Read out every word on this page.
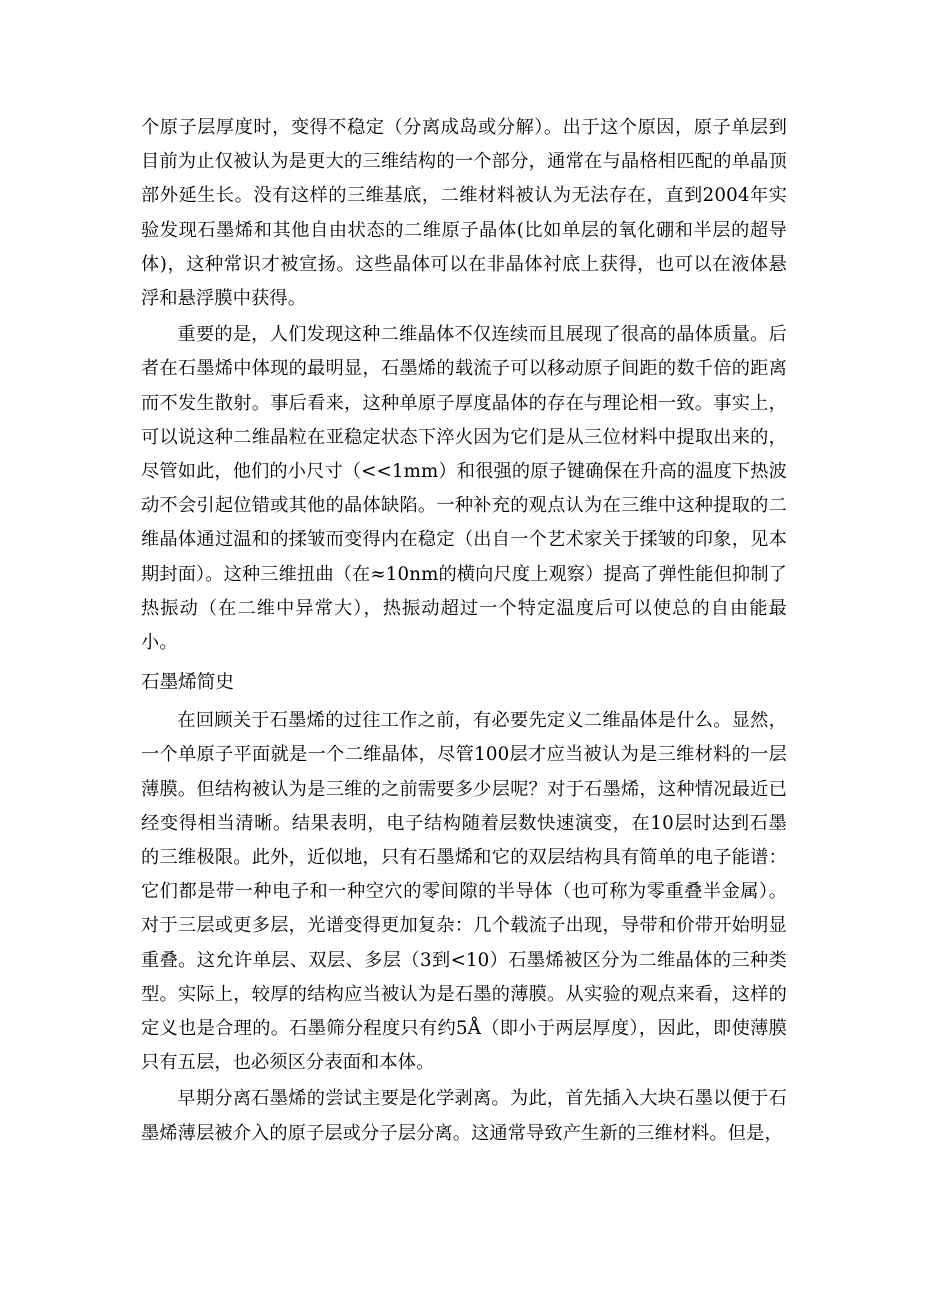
个原子层厚度时，变得不稳定（分离成岛或分解）。出于这个原因，原子单层到目前为止仅被认为是更大的三维结构的一个部分，通常在与晶格相匹配的单晶顶部外延生长。没有这样的三维基底，二维材料被认为无法存在，直到2004年实验发现石墨烯和其他自由状态的二维原子晶体(比如单层的氧化硼和半层的超导体)，这种常识才被宣扬。这些晶体可以在非晶体衬底上获得，也可以在液体悬浮和悬浮膜中获得。

重要的是，人们发现这种二维晶体不仅连续而且展现了很高的晶体质量。后者在石墨烯中体现的最明显，石墨烯的载流子可以移动原子间距的数千倍的距离而不发生散射。事后看来，这种单原子厚度晶体的存在与理论相一致。事实上，可以说这种二维晶粒在亚稳定状态下淬火因为它们是从三位材料中提取出来的，尽管如此，他们的小尺寸（<<1mm）和很强的原子键确保在升高的温度下热波动不会引起位错或其他的晶体缺陷。一种补充的观点认为在三维中这种提取的二维晶体通过温和的揉皱而变得内在稳定（出自一个艺术家关于揉皱的印象，见本期封面）。这种三维扭曲（在≈10nm的横向尺度上观察）提高了弹性能但抑制了热振动（在二维中异常大），热振动超过一个特定温度后可以使总的自由能最小。

石墨烯简史

在回顾关于石墨烯的过往工作之前，有必要先定义二维晶体是什么。显然，一个单原子平面就是一个二维晶体，尽管100层才应当被认为是三维材料的一层薄膜。但结构被认为是三维的之前需要多少层呢？对于石墨烯，这种情况最近已经变得相当清晰。结果表明，电子结构随着层数快速演变，在10层时达到石墨的三维极限。此外，近似地，只有石墨烯和它的双层结构具有简单的电子能谱：它们都是带一种电子和一种空穴的零间隙的半导体（也可称为零重叠半金属）。对于三层或更多层，光谱变得更加复杂：几个载流子出现，导带和价带开始明显重叠。这允许单层、双层、多层（3到<10）石墨烯被区分为二维晶体的三种类型。实际上，较厚的结构应当被认为是石墨的薄膜。从实验的观点来看，这样的定义也是合理的。石墨筛分程度只有约5Å（即小于两层厚度），因此，即使薄膜只有五层，也必须区分表面和本体。

早期分离石墨烯的尝试主要是化学剥离。为此，首先插入大块石墨以便于石墨烯薄层被介入的原子层或分子层分离。这通常导致产生新的三维材料。但是，
